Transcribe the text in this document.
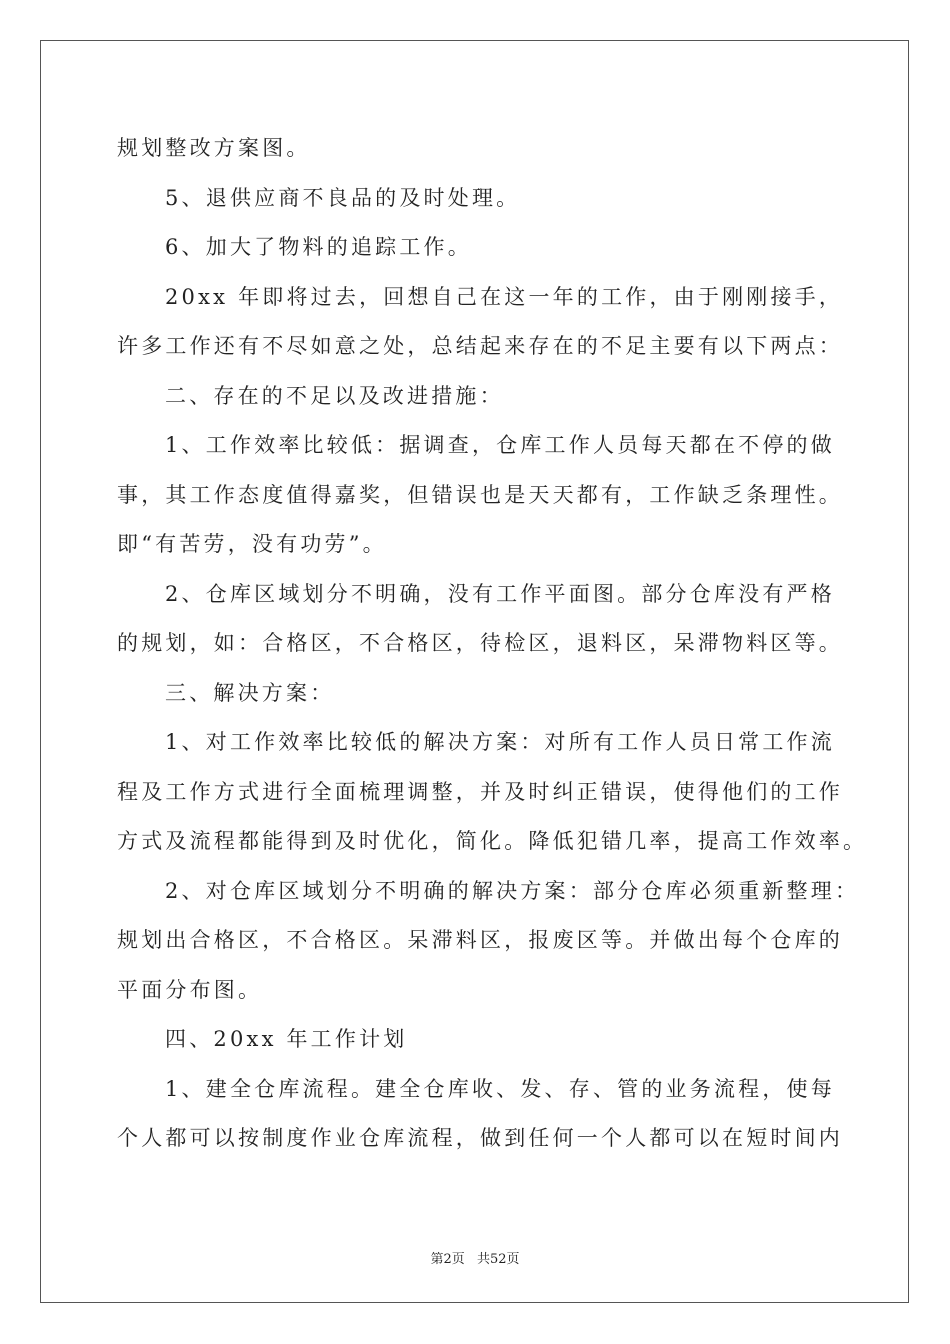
规划整改方案图。
5、退供应商不良品的及时处理。
6、加大了物料的追踪工作。
20xx 年即将过去，回想自己在这一年的工作，由于刚刚接手，
许多工作还有不尽如意之处，总结起来存在的不足主要有以下两点：
二、存在的不足以及改进措施：
1、工作效率比较低：据调查，仓库工作人员每天都在不停的做
事，其工作态度值得嘉奖，但错误也是天天都有，工作缺乏条理性。
即“有苦劳，没有功劳”。
2、仓库区域划分不明确，没有工作平面图。部分仓库没有严格
的规划，如：合格区，不合格区，待检区，退料区，呆滞物料区等。
三、解决方案：
1、对工作效率比较低的解决方案：对所有工作人员日常工作流
程及工作方式进行全面梳理调整，并及时纠正错误，使得他们的工作
方式及流程都能得到及时优化，简化。降低犯错几率，提高工作效率。
2、对仓库区域划分不明确的解决方案：部分仓库必须重新整理：
规划出合格区，不合格区。呆滞料区，报废区等。并做出每个仓库的
平面分布图。
四、20xx 年工作计划
1、建全仓库流程。建全仓库收、发、存、管的业务流程，使每
个人都可以按制度作业仓库流程，做到任何一个人都可以在短时间内
第2页 共52页
